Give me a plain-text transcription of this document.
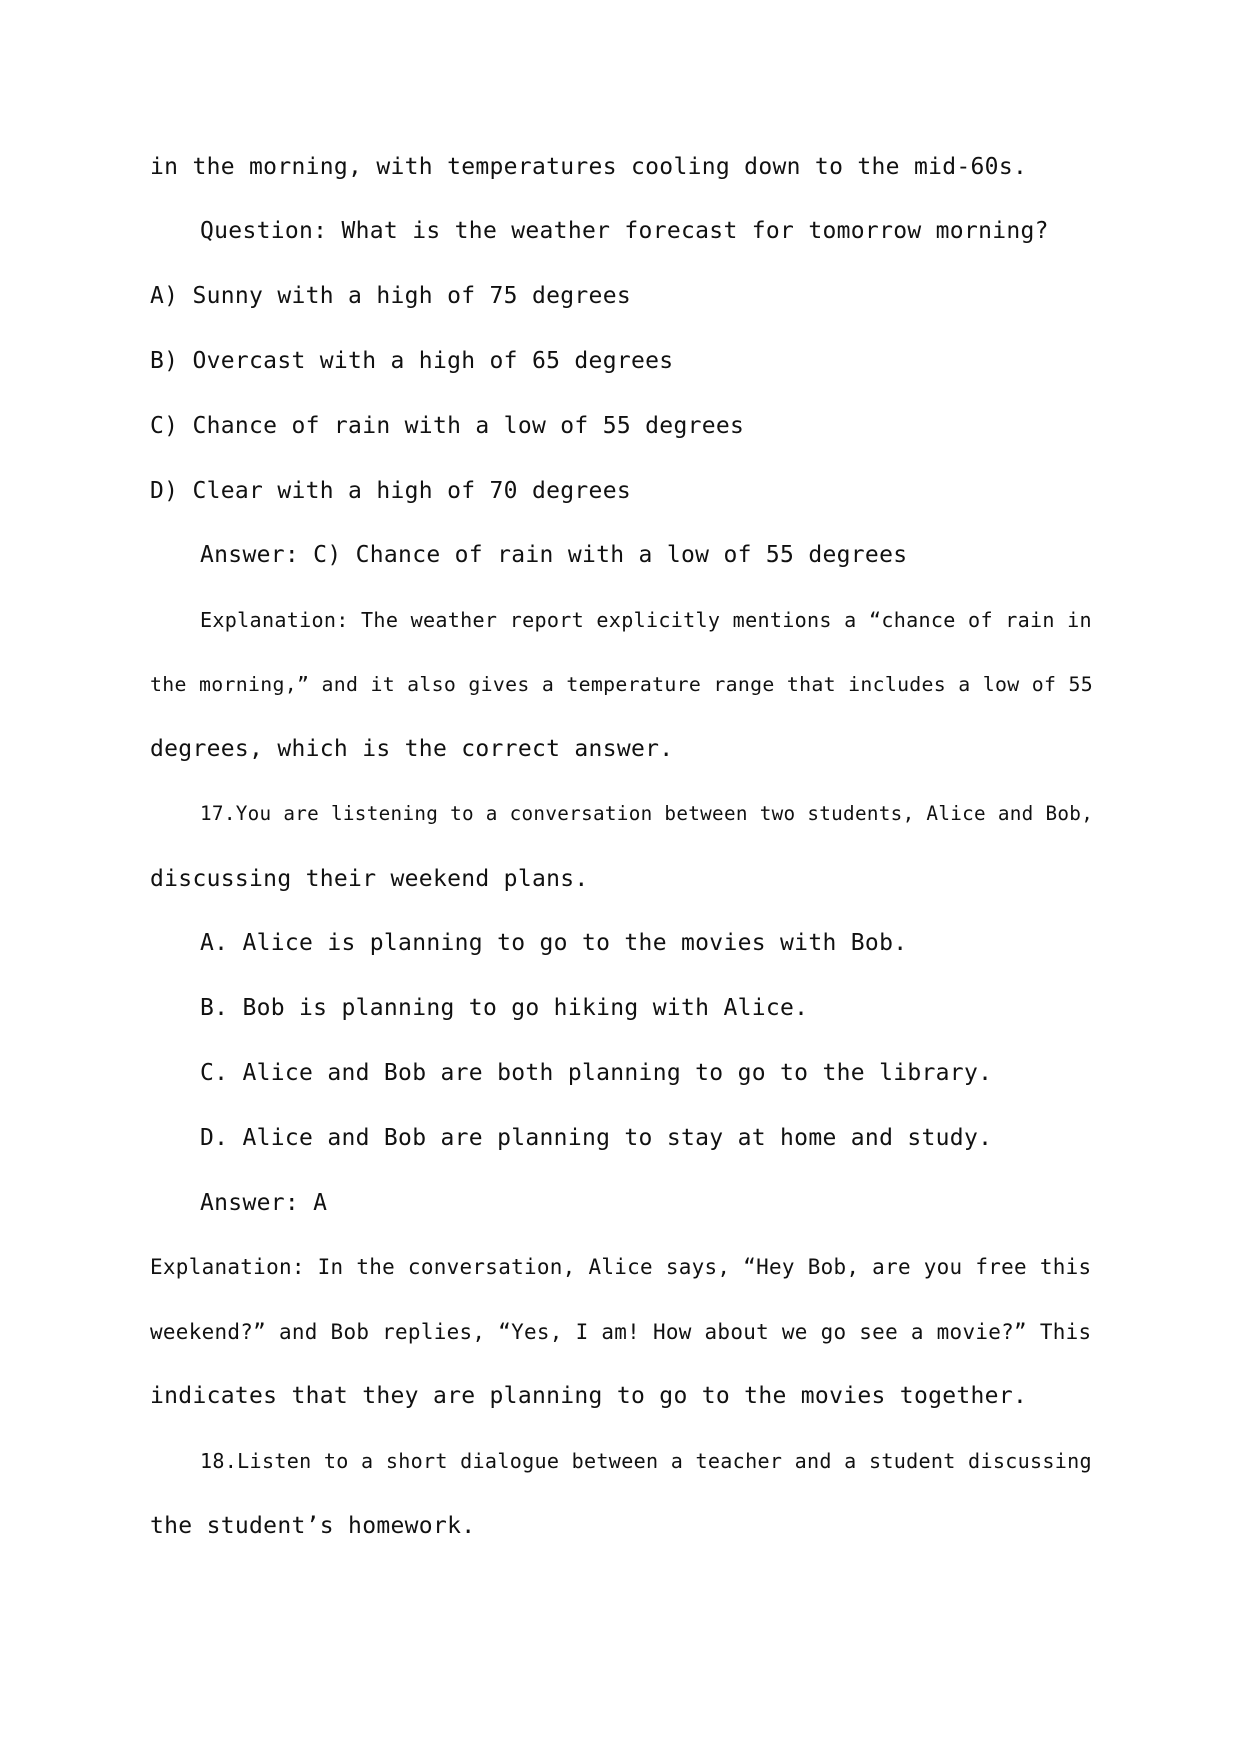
in the morning, with temperatures cooling down to the mid-60s.
Question: What is the weather forecast for tomorrow morning?
A) Sunny with a high of 75 degrees
B) Overcast with a high of 65 degrees
C) Chance of rain with a low of 55 degrees
D) Clear with a high of 70 degrees
Answer: C) Chance of rain with a low of 55 degrees
Explanation: The weather report explicitly mentions a “chance of rain in
the morning,” and it also gives a temperature range that includes a low of 55
degrees, which is the correct answer.
17.You are listening to a conversation between two students, Alice and Bob,
discussing their weekend plans.
A. Alice is planning to go to the movies with Bob.
B. Bob is planning to go hiking with Alice.
C. Alice and Bob are both planning to go to the library.
D. Alice and Bob are planning to stay at home and study.
Answer: A
Explanation: In the conversation, Alice says, “Hey Bob, are you free this
weekend?” and Bob replies, “Yes, I am! How about we go see a movie?” This
indicates that they are planning to go to the movies together.
18.Listen to a short dialogue between a teacher and a student discussing
the student’s homework.
